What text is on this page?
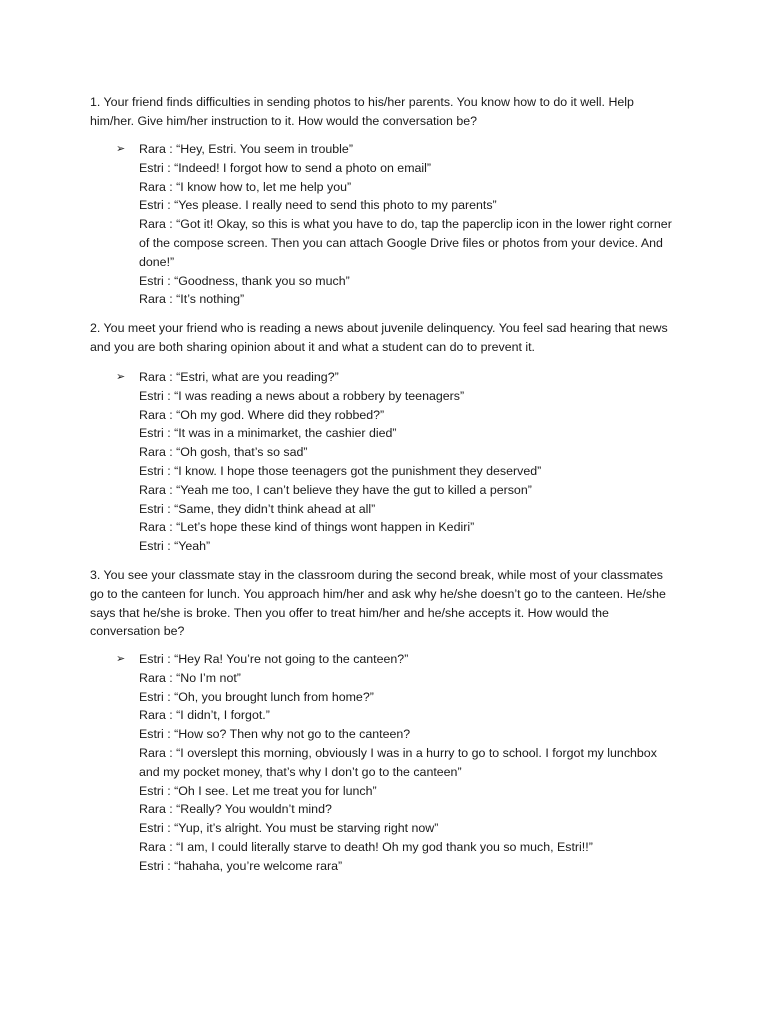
1. Your friend finds difficulties in sending photos to his/her parents. You know how to do it well. Help him/her. Give him/her instruction to it. How would the conversation be?

➢	Rara : “Hey, Estri. You seem in trouble”
Estri : “Indeed! I forgot how to send a photo on email”
Rara : “I know how to, let me help you”
Estri : “Yes please. I really need to send this photo to my parents”
Rara : “Got it! Okay, so this is what you have to do, tap the paperclip icon in the lower right corner of the compose screen. Then you can attach Google Drive files or photos from your device. And done!”
Estri : “Goodness, thank you so much”
Rara : “It’s nothing”

2. You meet your friend who is reading a news about juvenile delinquency. You feel sad hearing that news and you are both sharing opinion about it and what a student can do to prevent it.

➢	Rara : “Estri, what are you reading?”
Estri : “I was reading a news about a robbery by teenagers”
Rara : “Oh my god. Where did they robbed?”
Estri : “It was in a minimarket, the cashier died”
Rara : “Oh gosh, that’s so sad”
Estri : “I know. I hope those teenagers got the punishment they deserved”
Rara : “Yeah me too, I can’t believe they have the gut to killed a person”
Estri : “Same, they didn’t think ahead at all”
Rara : “Let’s hope these kind of things wont happen in Kediri”
Estri : “Yeah”

3. You see your classmate stay in the classroom during the second break, while most of your classmates go to the canteen for lunch. You approach him/her and ask why he/she doesn’t go to the canteen. He/she says that he/she is broke. Then you offer to treat him/her and he/she accepts it. How would the conversation be?

➢	Estri : “Hey Ra! You’re not going to the canteen?”
Rara : “No I’m not”
Estri : “Oh, you brought lunch from home?”
Rara : “I didn’t, I forgot.”
Estri : “How so? Then why not go to the canteen?
Rara : “I overslept this morning, obviously I was in a hurry to go to school. I forgot my lunchbox and my pocket money, that’s why I don’t go to the canteen”
Estri : “Oh I see. Let me treat you for lunch”
Rara : “Really? You wouldn’t mind?
Estri : “Yup, it’s alright. You must be starving right now”
Rara : “I am, I could literally starve to death! Oh my god thank you so much, Estri!!”
Estri : “hahaha, you’re welcome rara”
